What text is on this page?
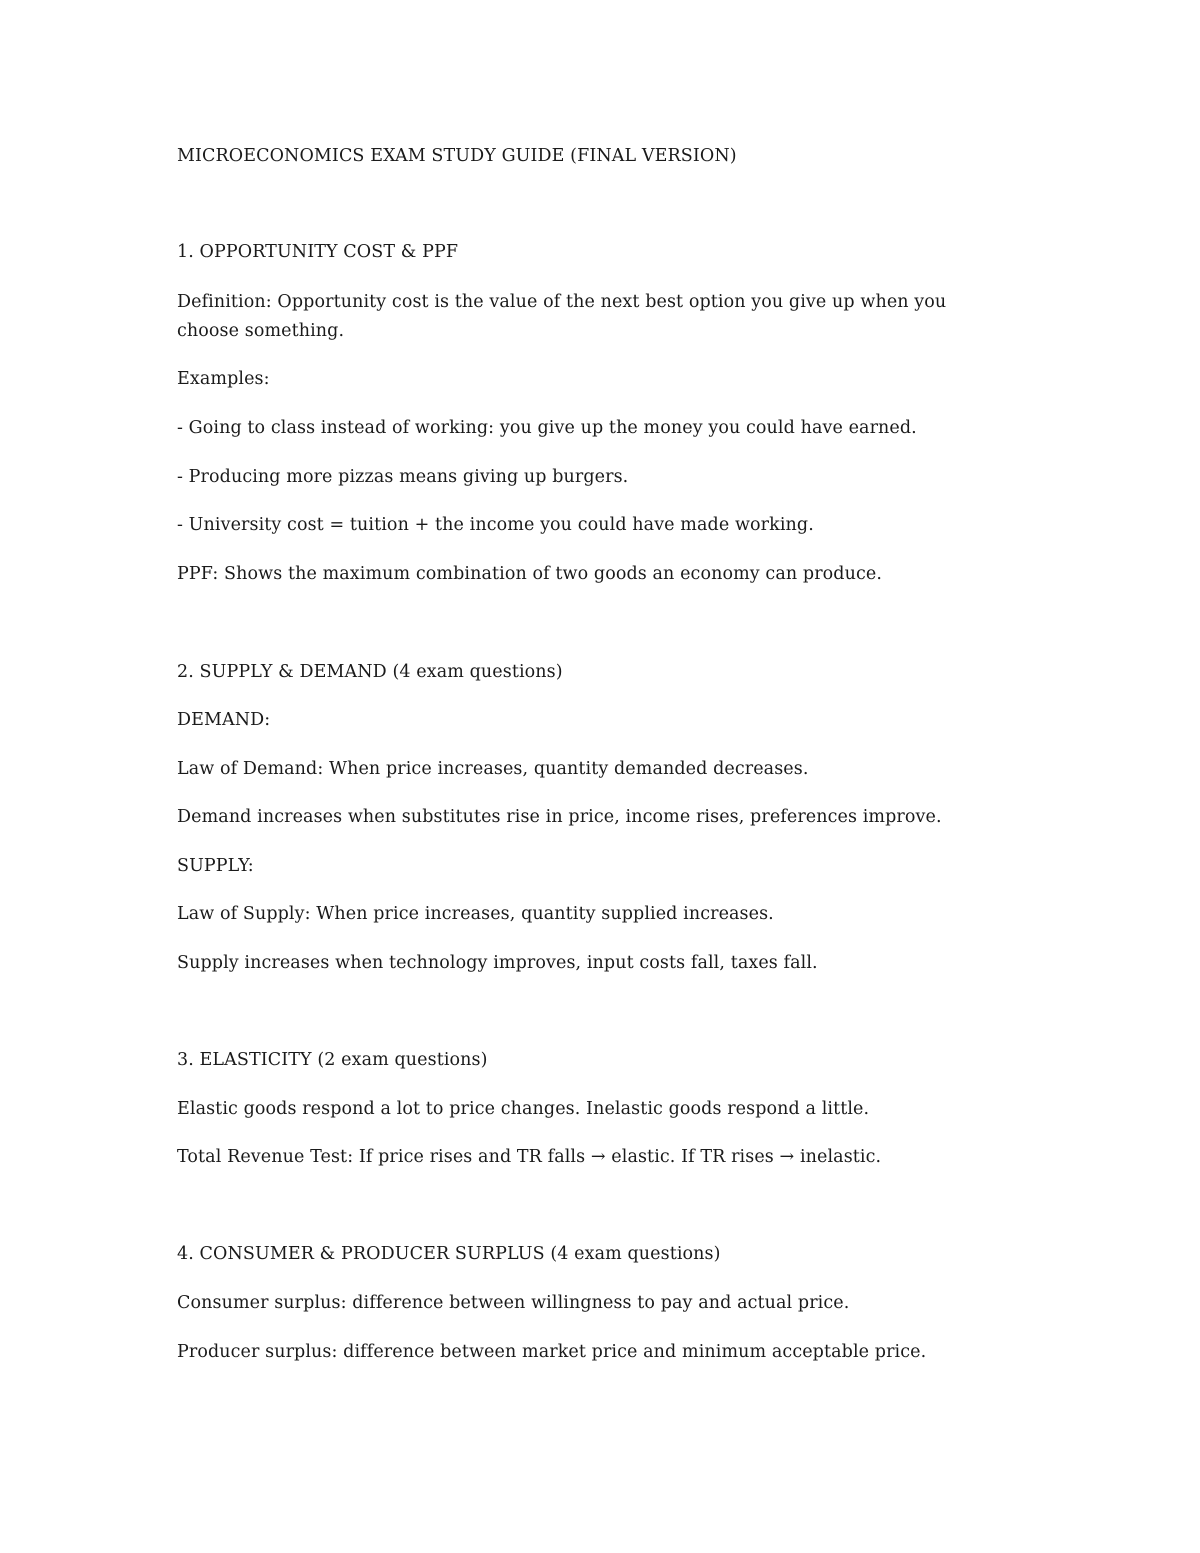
MICROECONOMICS EXAM STUDY GUIDE (FINAL VERSION)
1. OPPORTUNITY COST & PPF
Definition: Opportunity cost is the value of the next best option you give up when you
choose something.
Examples:
- Going to class instead of working: you give up the money you could have earned.
- Producing more pizzas means giving up burgers.
- University cost = tuition + the income you could have made working.
PPF: Shows the maximum combination of two goods an economy can produce.
2. SUPPLY & DEMAND (4 exam questions)
DEMAND:
Law of Demand: When price increases, quantity demanded decreases.
Demand increases when substitutes rise in price, income rises, preferences improve.
SUPPLY:
Law of Supply: When price increases, quantity supplied increases.
Supply increases when technology improves, input costs fall, taxes fall.
3. ELASTICITY (2 exam questions)
Elastic goods respond a lot to price changes. Inelastic goods respond a little.
Total Revenue Test: If price rises and TR falls → elastic. If TR rises → inelastic.
4. CONSUMER & PRODUCER SURPLUS (4 exam questions)
Consumer surplus: difference between willingness to pay and actual price.
Producer surplus: difference between market price and minimum acceptable price.
